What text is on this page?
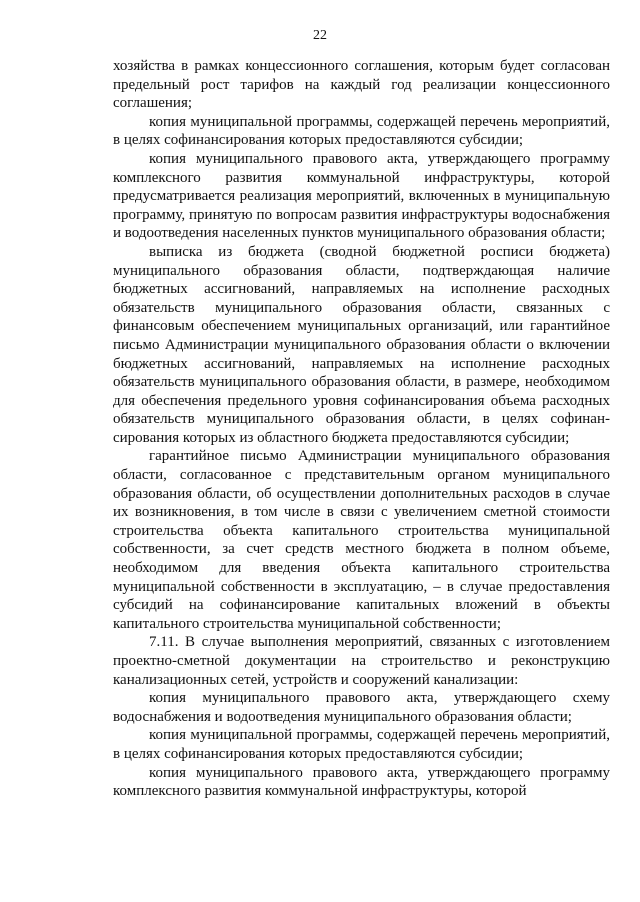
22

хозяйства в рамках концессионного соглашения, которым будет согласован предельный рост тарифов на каждый год реализации концессионного соглашения;

копия муниципальной программы, содержащей перечень мероприятий, в целях софинансирования которых предоставляются субсидии;

копия муниципального правового акта, утверждающего программу комплексного развития коммунальной инфраструктуры, которой предусматривается реализация мероприятий, включенных в муниципальную программу, принятую по вопросам развития инфраструктуры водоснабжения и водоотведения населенных пунктов муниципального образования области;

выписка из бюджета (сводной бюджетной росписи бюджета) муниципального образования области, подтверждающая наличие бюджетных ассигнований, направляемых на исполнение расходных обязательств муниципального образования области, связанных с финансовым обеспечением муниципальных организаций, или гарантийное письмо Администрации муниципального образования области о включении бюджетных ассигнований, направляемых на исполнение расходных обязательств муниципального образования области, в размере, необходимом для обеспечения предельного уровня софинансирования объема расходных обязательств муниципального образования области, в целях софинансирования которых из областного бюджета предоставляются субсидии;

гарантийное письмо Администрации муниципального образования области, согласованное с представительным органом муниципального образования области, об осуществлении дополнительных расходов в случае их возникновения, в том числе в связи с увеличением сметной стоимости строительства объекта капитального строительства муниципальной собственности, за счет средств местного бюджета в полном объеме, необходимом для введения объекта капитального строительства муниципальной собственности в эксплуатацию, – в случае предоставления субсидий на софинансирование капитальных вложений в объекты капитального строительства муниципальной собственности;

7.11. В случае выполнения мероприятий, связанных с изготовлением проектно-сметной документации на строительство и реконструкцию канализационных сетей, устройств и сооружений канализации:

копия муниципального правового акта, утверждающего схему водоснабжения и водоотведения муниципального образования области;

копия муниципальной программы, содержащей перечень мероприятий, в целях софинансирования которых предоставляются субсидии;

копия муниципального правового акта, утверждающего программу комплексного развития коммунальной инфраструктуры, которой
